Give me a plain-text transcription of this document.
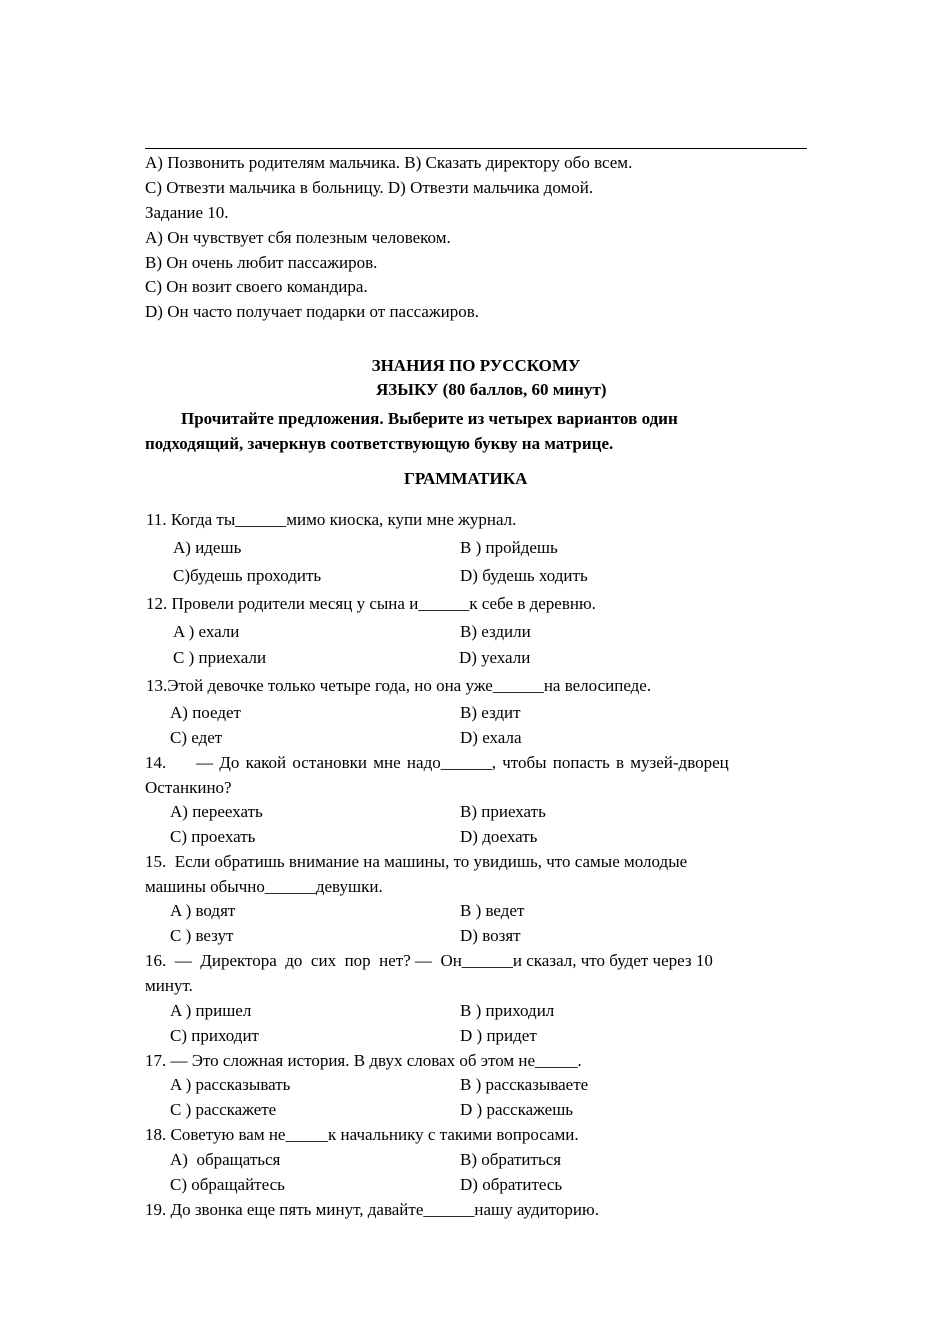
A) Позвонить родителям мальчика. B) Сказать директору обо всем.
C) Отвезти мальчика в больницу. D) Отвезти мальчика домой.
Задание 10.
A) Он чувствует сбя полезным человеком.
B) Он очень любит пассажиров.
C) Он возит своего командира.
D) Он часто получает подарки от пассажиров.
ЗНАНИЯ ПО РУССКОМУ
ЯЗЫКУ (80 баллов, 60 минут)
Прочитайте предложения. Выберите из четырех вариантов один
подходящий, зачеркнув соответствующую букву на матрице.
ГРАММАТИКА
11. Когда ты______мимо киоска, купи мне журнал.
A) идешь	B ) пройдешь
C)будешь проходить	D) будешь ходить
12. Провели родители месяц у сына и______к себе в деревню.
A ) ехали	B) ездили
C ) приехали	D) уехали
13.Этой девочке только четыре года, но она уже______на велосипеде.
A) поедет	B) ездит
C) едет	D) ехала
14. — До какой остановки мне надо______, чтобы попасть в музей-дворец
Останкино?
A) переехать	B) приехать
C) проехать	D) доехать
15.  Если обратишь внимание на машины, то увидишь, что самые молодые
машины обычно______девушки.
A ) водят	B ) ведет
C ) везут	D) возят
16.  —  Директора  до  сих  пор  нет? —  Он______и сказал, что будет через 10
минут.
A ) пришел	B ) приходил
C) приходит	D ) придет
17. — Это сложная история. В двух словах об этом не_____.
A ) рассказывать	B ) рассказываете
C ) расскажете	D ) расскажешь
18. Советую вам не_____к начальнику с такими вопросами.
A)  обращаться	B) обратиться
C) обращайтесь	D) обратитесь
19. До звонка еще пять минут, давайте______нашу аудиторию.
